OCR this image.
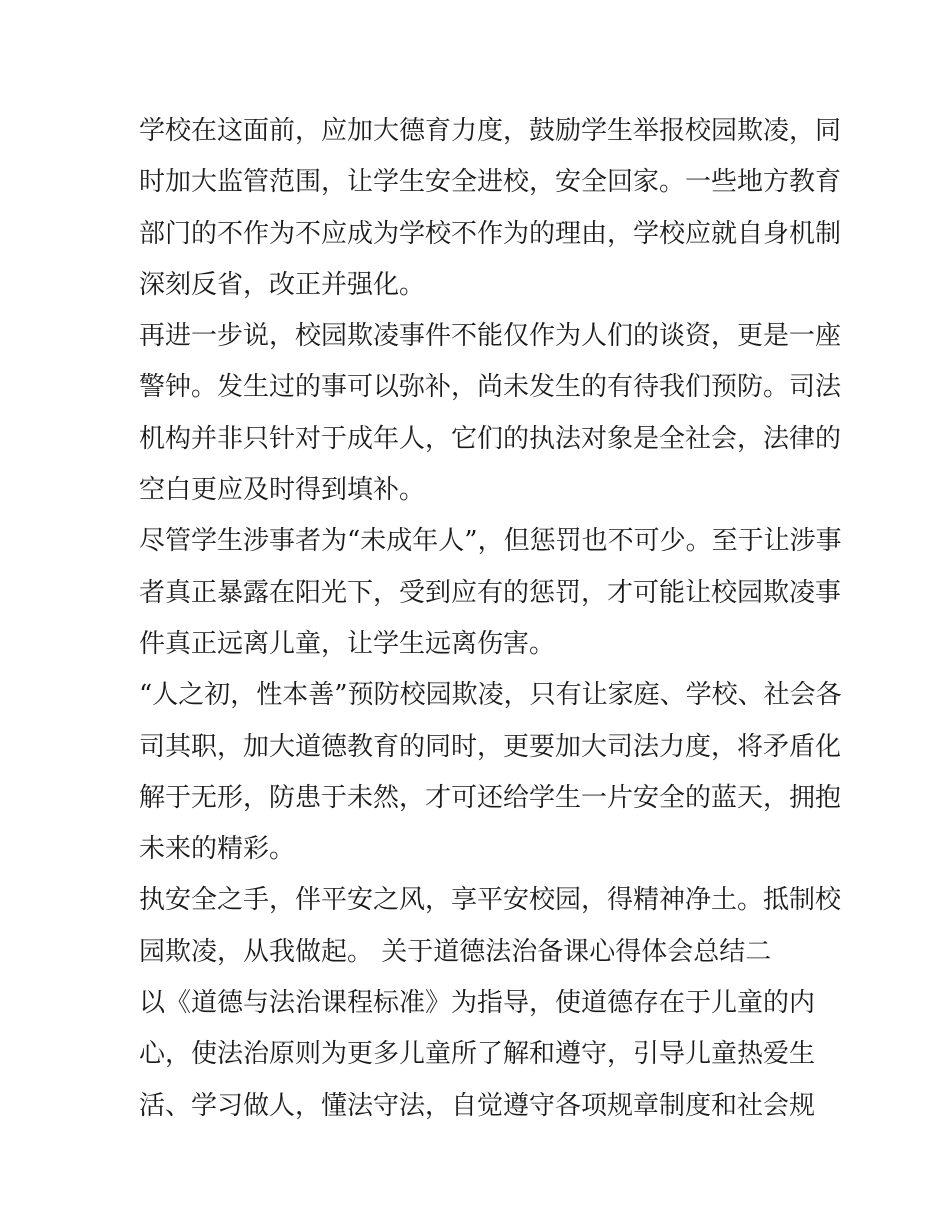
学校在这面前，应加大德育力度，鼓励学生举报校园欺凌，同
时加大监管范围，让学生安全进校，安全回家。一些地方教育
部门的不作为不应成为学校不作为的理由，学校应就自身机制
深刻反省，改正并强化。
再进一步说，校园欺凌事件不能仅作为人们的谈资，更是一座
警钟。发生过的事可以弥补，尚未发生的有待我们预防。司法
机构并非只针对于成年人，它们的执法对象是全社会，法律的
空白更应及时得到填补。
尽管学生涉事者为“未成年人”，但惩罚也不可少。至于让涉事
者真正暴露在阳光下，受到应有的惩罚，才可能让校园欺凌事
件真正远离儿童，让学生远离伤害。
“人之初，性本善”预防校园欺凌，只有让家庭、学校、社会各
司其职，加大道德教育的同时，更要加大司法力度，将矛盾化
解于无形，防患于未然，才可还给学生一片安全的蓝天，拥抱
未来的精彩。
执安全之手，伴平安之风，享平安校园，得精神净土。抵制校
园欺凌，从我做起。 关于道德法治备课心得体会总结二
以《道德与法治课程标准》为指导，使道德存在于儿童的内
心，使法治原则为更多儿童所了解和遵守，引导儿童热爱生
活、学习做人，懂法守法，自觉遵守各项规章制度和社会规
